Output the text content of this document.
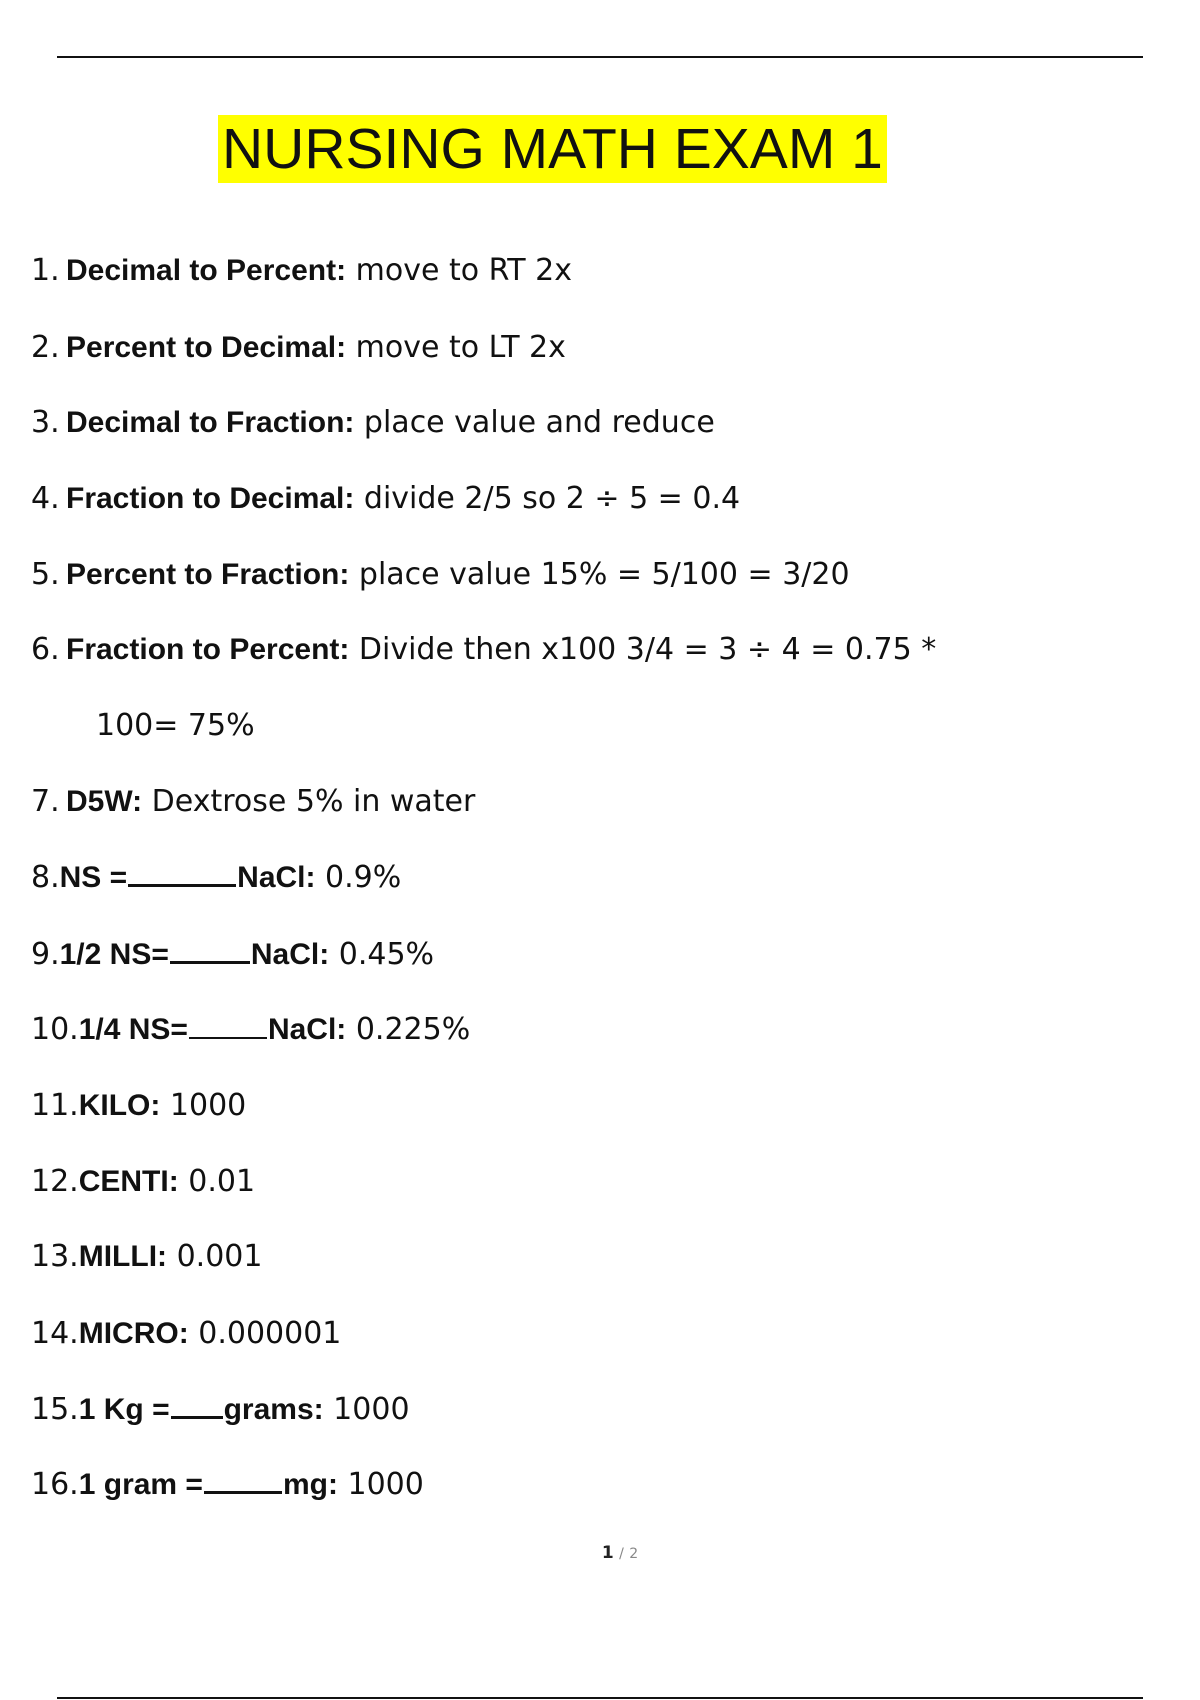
NURSING MATH EXAM 1
1. Decimal to Percent: move to RT 2x
2. Percent to Decimal: move to LT 2x
3. Decimal to Fraction: place value and reduce
4. Fraction to Decimal: divide 2/5 so 2 ÷ 5 = 0.4
5. Percent to Fraction: place value 15% = 5/100 = 3/20
6. Fraction to Percent: Divide then x100 3/4 = 3 ÷ 4 = 0.75 *
100= 75%
7. D5W: Dextrose 5% in water
8.NS =	NaCl: 0.9%
9.1/2 NS=	NaCl: 0.45%
10.1/4 NS=	NaCl: 0.225%
11.KILO: 1000
12.CENTI: 0.01
13.MILLI: 0.001
14.MICRO: 0.000001
15.1 Kg = grams: 1000
16.1 gram =	mg: 1000
1 / 2
